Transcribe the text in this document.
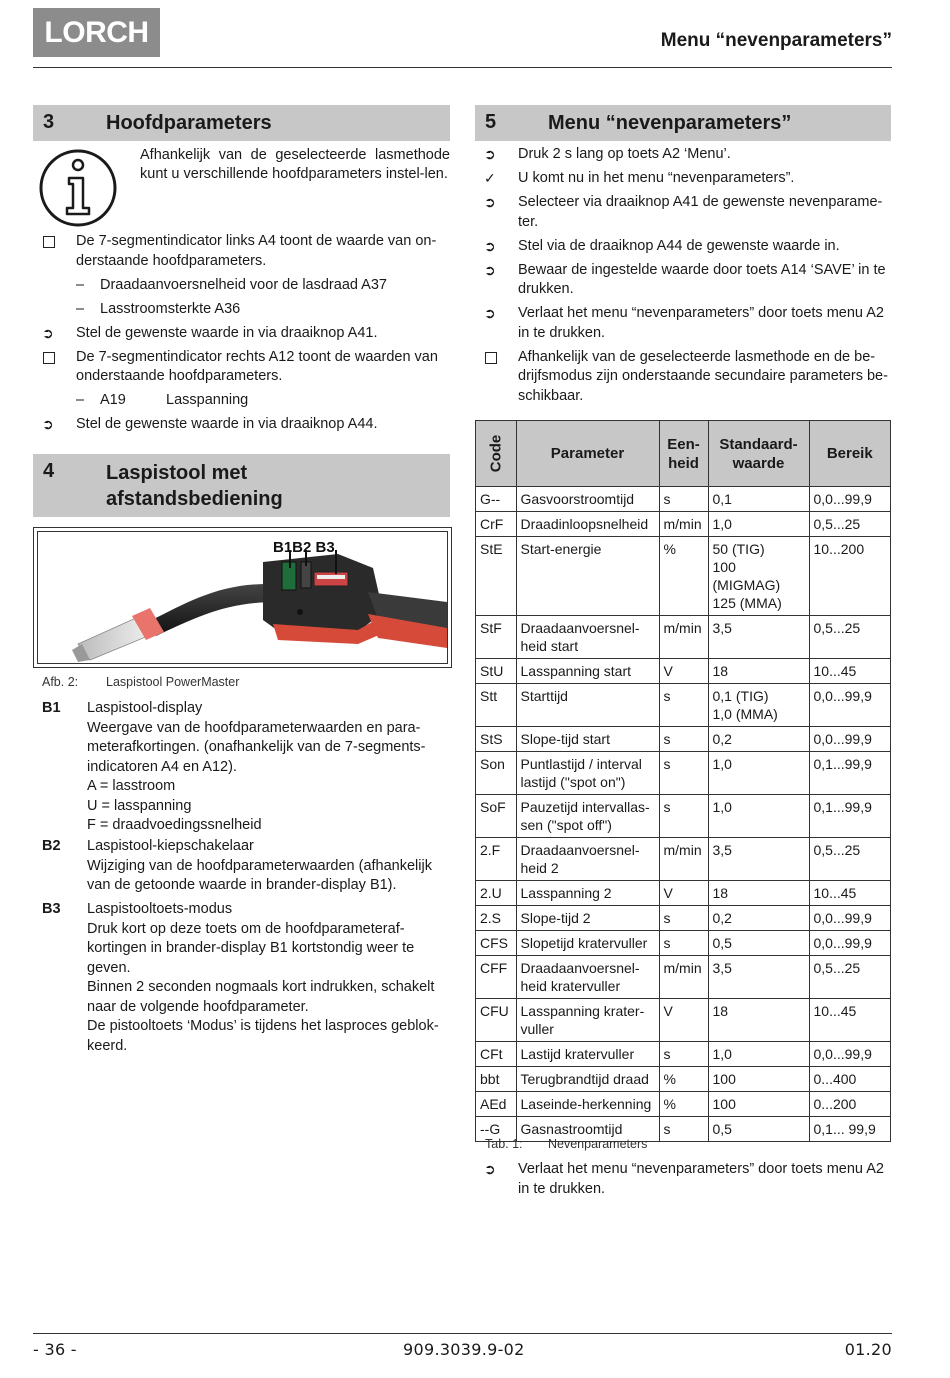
LORCH	Menu “nevenparameters”
3	Hoofdparameters
Afhankelijk van de geselecteerde lasmethode kunt u verschillende hoofdparameters instel-len.
De 7-segmentindicator links A4 toont de waarde van on-derstaande hoofdparameters.
– Draadaanvoersnelheid voor de lasdraad A37
– Lasstroomsterkte A36
➲	Stel de gewenste waarde in via draaiknop A41.
De 7-segmentindicator rechts A12 toont de waarden van onderstaande hoofdparameters.
– A19	Lasspanning
➲	Stel de gewenste waarde in via draaiknop A44.
4	Laspistool met
afstandsbediening
B1B2 B3
Afb. 2: Laspistool PowerMaster
B1 Laspistool-display
Weergave van de hoofdparameterwaarden en para-meterafkortingen. (onafhankelijk van de 7-segments-indicatoren A4 en A12).
A = lasstroom
U = lasspanning
F = draadvoedingssnelheid
B2 Laspistool-kiepschakelaar
Wijziging van de hoofdparameterwaarden (afhankelijk van de getoonde waarde in brander-display B1).
B3 Laspistooltoets-modus
Druk kort op deze toets om de hoofdparameteraf-kortingen in brander-display B1 kortstondig weer te geven.
Binnen 2 seconden nogmaals kort indrukken, schakelt naar de volgende hoofdparameter.
De pistooltoets ‘Modus’ is tijdens het lasproces geblok-keerd.
5	Menu “nevenparameters”
➲	Druk 2 s lang op toets A2 ‘Menu’.
✓	U komt nu in het menu “nevenparameters”.
➲	Selecteer via draaiknop A41 de gewenste nevenparame-ter.
➲	Stel via de draaiknop A44 de gewenste waarde in.
➲	Bewaar de ingestelde waarde door toets A14 ‘SAVE’ in te drukken.
➲	Verlaat het menu “nevenparameters” door toets menu A2 in te drukken.
Afhankelijk van de geselecteerde lasmethode en de be-drijfsmodus zijn onderstaande secundaire parameters be-schikbaar.
Code	Parameter	Een-heid	Standaard-waarde	Bereik
G--	Gasvoorstroomtijd	s	0,1	0,0...99,9
CrF	Draadinloopsnelheid	m/min	1,0	0,5...25
StE	Start-energie	%	50 (TIG)
100 (MIGMAG)
125 (MMA)	10...200
StF	Draadaanvoersnel-heid start	m/min	3,5	0,5...25
StU	Lasspanning start	V	18	10...45
Stt	Starttijd	s	0,1 (TIG)
1,0 (MMA)	0,0...99,9
StS	Slope-tijd start	s	0,2	0,0...99,9
Son	Puntlastijd / interval lastijd ("spot on")	s	1,0	0,1...99,9
SoF	Pauzetijd intervallas-sen ("spot off")	s	1,0	0,1...99,9
2.F	Draadaanvoersnel-heid 2	m/min	3,5	0,5...25
2.U	Lasspanning 2	V	18	10...45
2.S	Slope-tijd 2	s	0,2	0,0...99,9
CFS	Slopetijd kratervuller	s	0,5	0,0...99,9
CFF	Draadaanvoersnel-heid kratervuller	m/min	3,5	0,5...25
CFU	Lasspanning krater-vuller	V	18	10...45
CFt	Lastijd kratervuller	s	1,0	0,0...99,9
bbt	Terugbrandtijd draad	%	100	0...400
AEd	Laseinde-herkenning	%	100	0...200
--G	Gasnastroomtijd	s	0,5	0,1... 99,9
Tab. 1: Nevenparameters
➲	Verlaat het menu “nevenparameters” door toets menu A2 in te drukken.
- 36 -	909.3039.9-02	01.20
